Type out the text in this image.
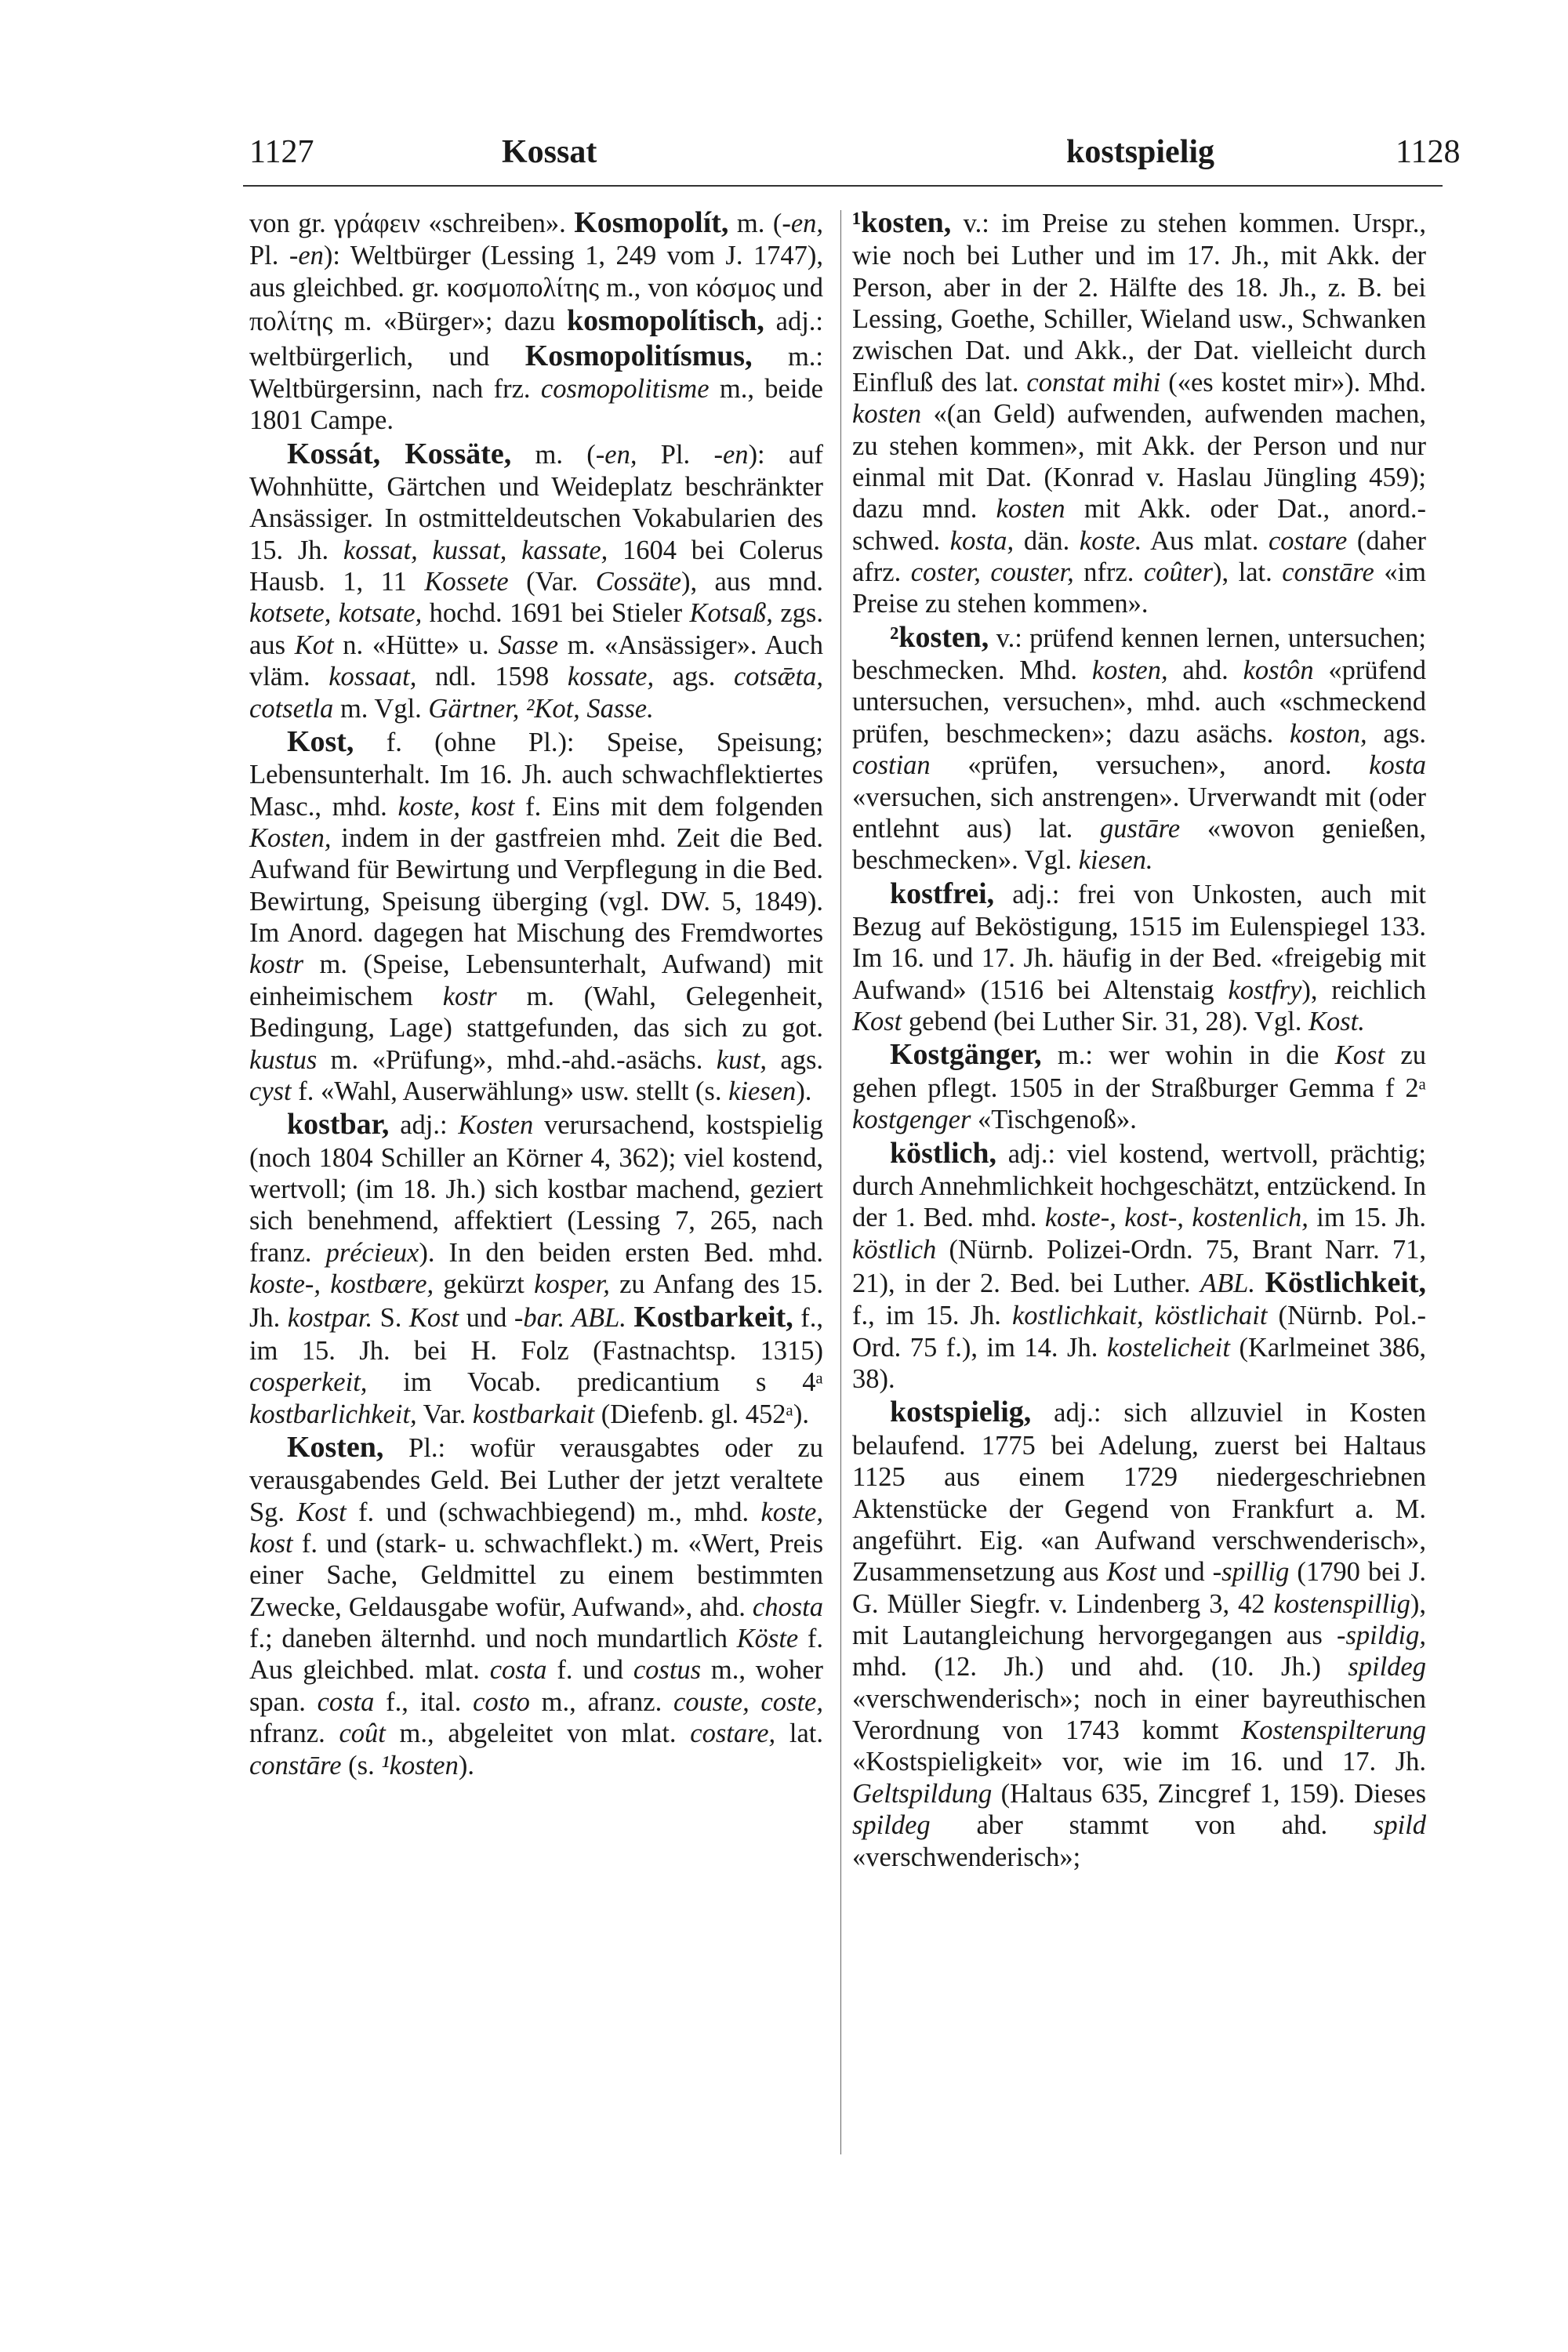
1127	Kossat	kostspielig	1128

von gr. γράφειν «schreiben». Kosmopolít, m. (-en, Pl. -en): Weltbürger (Lessing 1, 249 vom J. 1747), aus gleichbed. gr. κοσμοπολίτης m., von κόσμος und πολίτης m. «Bürger»; dazu kosmopolítisch, adj.: weltbürgerlich, und Kosmopolitísmus, m.: Weltbürgersinn, nach frz. cosmopolitisme m., beide 1801 Campe.

Kossát, Kossäte, m. (-en, Pl. -en): auf Wohnhütte, Gärtchen und Weideplatz beschränkter Ansässiger. In ostmitteldeutschen Vokabularien des 15. Jh. kossat, kussat, kassate, 1604 bei Colerus Hausb. 1, 11 Kossete (Var. Cossäte), aus mnd. kotsete, kotsate, hochd. 1691 bei Stieler Kotsaß, zgs. aus Kot n. «Hütte» u. Sasse m. «Ansässiger». Auch vläm. kossaat, ndl. 1598 kossate, ags. cotsǣta, cotsetla m. Vgl. Gärtner, ²Kot, Sasse.

Kost, f. (ohne Pl.): Speise, Speisung; Lebensunterhalt. Im 16. Jh. auch schwachflektiertes Masc., mhd. koste, kost f. Eins mit dem folgenden Kosten, indem in der gastfreien mhd. Zeit die Bed. Aufwand für Bewirtung und Verpflegung in die Bed. Bewirtung, Speisung überging (vgl. DW. 5, 1849). Im Anord. dagegen hat Mischung des Fremdwortes kostr m. (Speise, Lebensunterhalt, Aufwand) mit einheimischem kostr m. (Wahl, Gelegenheit, Bedingung, Lage) stattgefunden, das sich zu got. kustus m. «Prüfung», mhd.-ahd.-asächs. kust, ags. cyst f. «Wahl, Auserwählung» usw. stellt (s. kiesen).

kostbar, adj.: Kosten verursachend, kostspielig (noch 1804 Schiller an Körner 4, 362); viel kostend, wertvoll; (im 18. Jh.) sich kostbar machend, geziert sich benehmend, affektiert (Lessing 7, 265, nach franz. précieux). In den beiden ersten Bed. mhd. koste-, kostbære, gekürzt kosper, zu Anfang des 15. Jh. kostpar. S. Kost und -bar. ABL. Kostbarkeit, f., im 15. Jh. bei H. Folz (Fastnachtsp. 1315) cosperkeit, im Vocab. predicantium s 4ᵃ kostbarlichkeit, Var. kostbarkait (Diefenb. gl. 452ᵃ).

Kosten, Pl.: wofür verausgabtes oder zu verausgabendes Geld. Bei Luther der jetzt veraltete Sg. Kost f. und (schwachbiegend) m., mhd. koste, kost f. und (stark- u. schwachflekt.) m. «Wert, Preis einer Sache, Geldmittel zu einem bestimmten Zwecke, Geldausgabe wofür, Aufwand», ahd. chosta f.; daneben älternhd. und noch mundartlich Köste f. Aus gleichbed. mlat. costa f. und costus m., woher span. costa f., ital. costo m., afranz. couste, coste, nfranz. coût m., abgeleitet von mlat. costare, lat. constāre (s. ¹kosten).

¹kosten, v.: im Preise zu stehen kommen. Urspr., wie noch bei Luther und im 17. Jh., mit Akk. der Person, aber in der 2. Hälfte des 18. Jh., z. B. bei Lessing, Goethe, Schiller, Wieland usw., Schwanken zwischen Dat. und Akk., der Dat. vielleicht durch Einfluß des lat. constat mihi («es kostet mir»). Mhd. kosten «(an Geld) aufwenden, aufwenden machen, zu stehen kommen», mit Akk. der Person und nur einmal mit Dat. (Konrad v. Haslau Jüngling 459); dazu mnd. kosten mit Akk. oder Dat., anord.-schwed. kosta, dän. koste. Aus mlat. costare (daher afrz. coster, couster, nfrz. coûter), lat. constāre «im Preise zu stehen kommen».

²kosten, v.: prüfend kennen lernen, untersuchen; beschmecken. Mhd. kosten, ahd. kostôn «prüfend untersuchen, versuchen», mhd. auch «schmeckend prüfen, beschmecken»; dazu asächs. koston, ags. costian «prüfen, versuchen», anord. kosta «versuchen, sich anstrengen». Urverwandt mit (oder entlehnt aus) lat. gustāre «wovon genießen, beschmecken». Vgl. kiesen.

kostfrei, adj.: frei von Unkosten, auch mit Bezug auf Beköstigung, 1515 im Eulenspiegel 133. Im 16. und 17. Jh. häufig in der Bed. «freigebig mit Aufwand» (1516 bei Altenstaig kostfry), reichlich Kost gebend (bei Luther Sir. 31, 28). Vgl. Kost.

Kostgänger, m.: wer wohin in die Kost zu gehen pflegt. 1505 in der Straßburger Gemma f 2ᵃ kostgenger «Tischgenoß».

köstlich, adj.: viel kostend, wertvoll, prächtig; durch Annehmlichkeit hochgeschätzt, entzückend. In der 1. Bed. mhd. koste-, kost-, kostenlich, im 15. Jh. köstlich (Nürnb. Polizei-Ordn. 75, Brant Narr. 71, 21), in der 2. Bed. bei Luther. ABL. Köstlichkeit, f., im 15. Jh. kostlichkait, köstlichait (Nürnb. Pol.-Ord. 75 f.), im 14. Jh. kostelicheit (Karlmeinet 386, 38).

kostspielig, adj.: sich allzuviel in Kosten belaufend. 1775 bei Adelung, zuerst bei Haltaus 1125 aus einem 1729 niedergeschriebnen Aktenstücke der Gegend von Frankfurt a. M. angeführt. Eig. «an Aufwand verschwenderisch», Zusammensetzung aus Kost und -spillig (1790 bei J. G. Müller Siegfr. v. Lindenberg 3, 42 kostenspillig), mit Lautangleichung hervorgegangen aus -spildig, mhd. (12. Jh.) und ahd. (10. Jh.) spildeg «verschwenderisch»; noch in einer bayreuthischen Verordnung von 1743 kommt Kostenspilterung «Kostspieligkeit» vor, wie im 16. und 17. Jh. Geltspildung (Haltaus 635, Zincgref 1, 159). Dieses spildeg aber stammt von ahd. spild «verschwenderisch»;
